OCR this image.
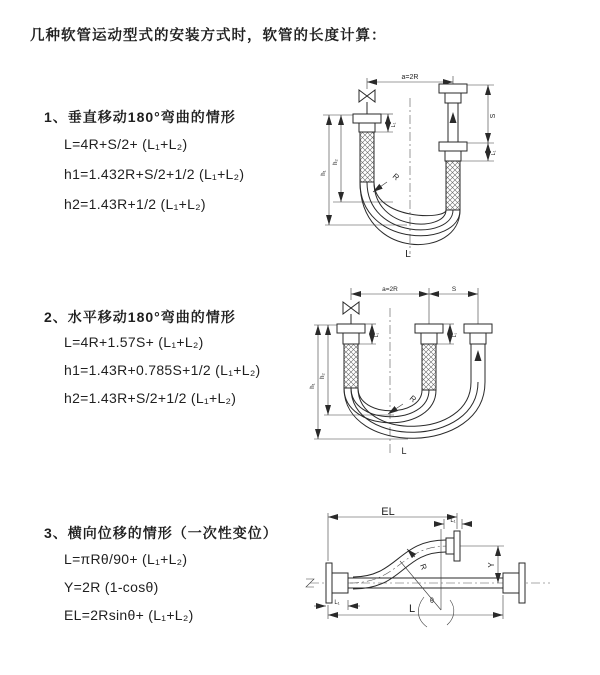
几种软管运动型式的安装方式时，软管的长度计算：
1、垂直移动180°弯曲的情形
L=4R+S/2+ (L₁+L₂)
h1=1.432R+S/2+1/2 (L₁+L₂)
h2=1.43R+1/2 (L₁+L₂)
a=2R
L₁
S
L₁
h₁
h₂
R
L
2、水平移动180°弯曲的情形
L=4R+1.57S+ (L₁+L₂)
h1=1.43R+0.785S+1/2 (L₁+L₂)
h2=1.43R+S/2+1/2 (L₁+L₂)
a=2R	S
L₁	L₁
h₁
h₂
R
L
3、横向位移的情形（一次性变位）
L=πRθ/90+ (L₁+L₂)
Y=2R (1-cosθ)
EL=2Rsinθ+ (L₁+L₂)
EL
L₁
Y
L
L₁	θ
R
